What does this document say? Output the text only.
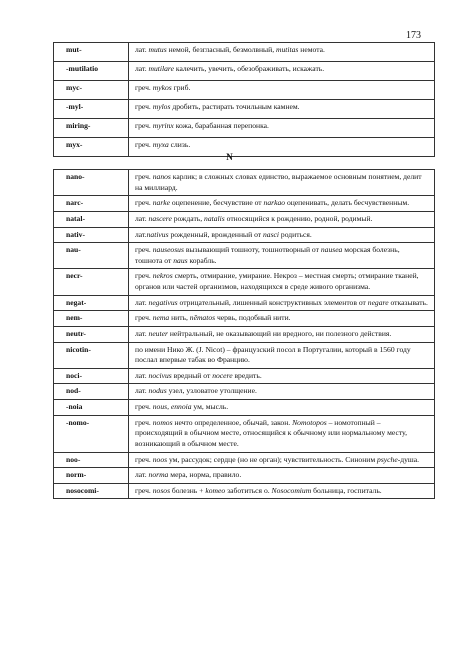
173
mut-	лат. mutus немой, безгласный, безмолвный, mutitas немота.
-mutilatio	лат. mutilare калечить, увечить, обезображивать, искажать.
myc-	греч. mykos гриб.
-myl-	греч. mylos дробить, растирать точильным камнем.
miring-	греч. myrinx кожа, барабанная перепонка.
myx-	греч. myxa слизь.
N
nano-	греч. nanos карлик; в сложных словах единство, выражаемое основным понятием, делит на миллиард.
narc-	греч. narke оцепенение, бесчувствие от narkao оцепенивать, делать бесчувственным.
natal-	лат. nascere рождать, natalis относящийся к рождению, родной, родимый.
nativ-	лат.nativus рожденный, врожденный от nasci родиться.
nau-	греч. nauseosus вызывающий тошноту, тошнотворный от nausea морская болезнь, тошнота от naus корабль.
necr-	греч. nekros смерть, отмирание, умирание. Некроз – местная смерть; отмирание тканей, органов или частей организмов, находящихся в среде живого организма.
negat-	лат. negativus отрицательный, лишенный конструктивных элементов от negare отказывать.
nem-	греч. nema нить, nēmatos червь, подобный нити.
neutr-	лат. neuter нейтральный, не оказывающий ни вредного, ни полезного действия.
nicotin-	по имени Нико Ж. (J. Nicot) – французский посол в Португалии, который в 1560 году послал впервые табак во Францию.
noci-	лат. nocivus вредный от nocere вредить.
nod-	лат. nodus узел, узловатое утолщение.
-noia	греч. nous, ennoia ум, мысль.
-nomo-	греч. nomos нечто определенное, обычай, закон. Nomotopos – номотопный – происходящий в обычном месте, относящийся к обычному или нормальному месту, возникающий в обычном месте.
noo-	греч. noos ум, рассудок; сердце (но не орган); чувствительность. Синоним psyche-душа.
norm-	лат. norma мера, норма, правило.
nosocomi-	греч. nosos болезнь + komeo заботиться о. Nosocomium больница, госпиталь.
